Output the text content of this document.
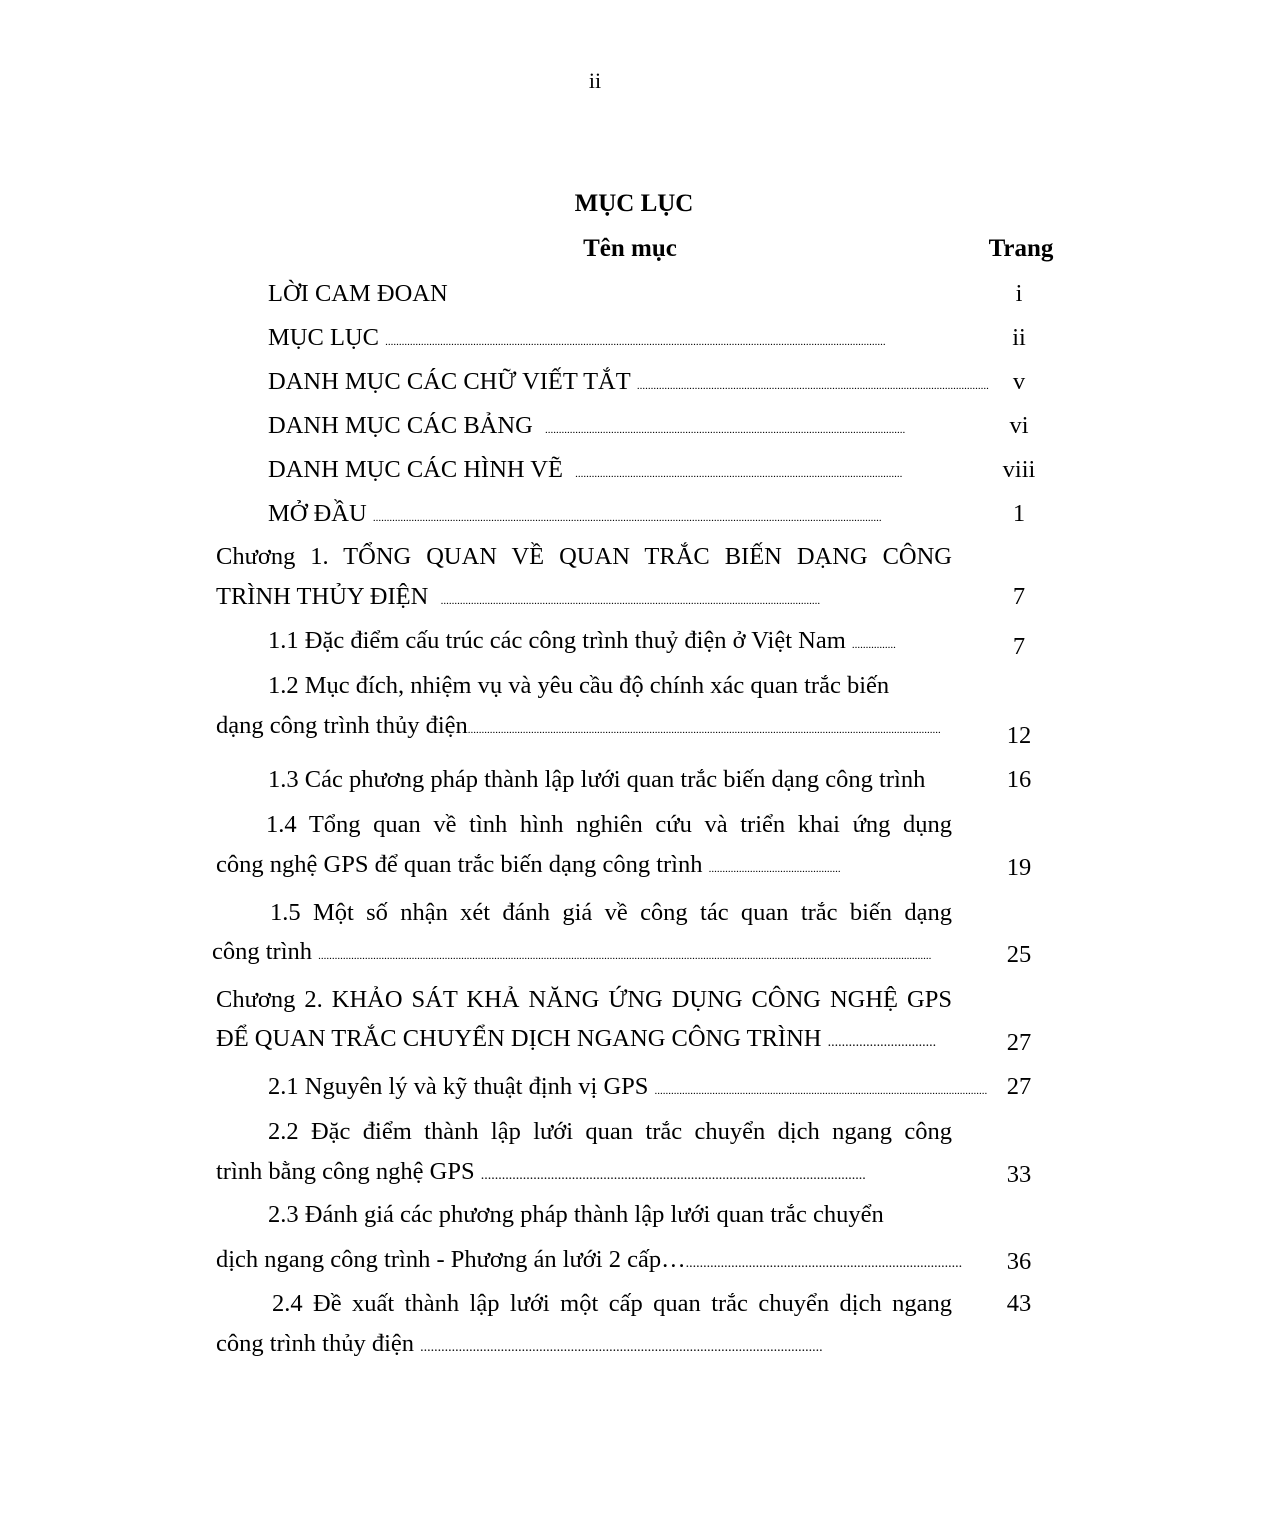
ii
MỤC LỤC
Tên mục	Trang
LỜI CAM ĐOAN	i
MỤC LỤC ......................................................................................................................................................................................	ii
DANH MỤC CÁC CHỮ VIẾT TẮT ................................................................................................................................ v
DANH MỤC CÁC BẢNG ...................................................................................................................................	vi
DANH MỤC CÁC HÌNH VẼ .......................................................................................................................	viii
MỞ ĐẦU .........................................................................................................................................................................................	1
Chương 1. TỔNG QUAN VỀ QUAN TRẮC BIẾN DẠNG CÔNG
TRÌNH THỦY ĐIỆN ..........................................................................................................................................	7
1.1 Đặc điểm cấu trúc các công trình thuỷ điện ở Việt Nam ................	7
1.2 Mục đích, nhiệm vụ và yêu cầu độ chính xác quan trắc biến
dạng công trình thủy điện............................................................................................................................................................................	12
1.3 Các phương pháp thành lập lưới quan trắc biến dạng công trình	16
1.4 Tổng quan về tình hình nghiên cứu và triển khai ứng dụng
công nghệ GPS để quan trắc biến dạng công trình ................................................	19
1.5 Một số nhận xét đánh giá về công tác quan trắc biến dạng
công trình ...............................................................................................................................................................................................................................	25
Chương 2. KHẢO SÁT KHẢ NĂNG ỨNG DỤNG CÔNG NGHỆ GPS
ĐỂ QUAN TRẮC CHUYỂN DỊCH NGANG CÔNG TRÌNH ...............................	27
2.1 Nguyên lý và kỹ thuật định vị GPS ......................................................................................................................... 27
2.2 Đặc điểm thành lập lưới quan trắc chuyển dịch ngang công
trình bằng công nghệ GPS ..............................................................................................................	33
2.3 Đánh giá các phương pháp thành lập lưới quan trắc chuyển
dịch ngang công trình - Phương án lưới 2 cấp…...............................................................................	36
2.4 Đề xuất thành lập lưới một cấp quan trắc chuyển dịch ngang
công trình thủy điện ...................................................................................................................
43
